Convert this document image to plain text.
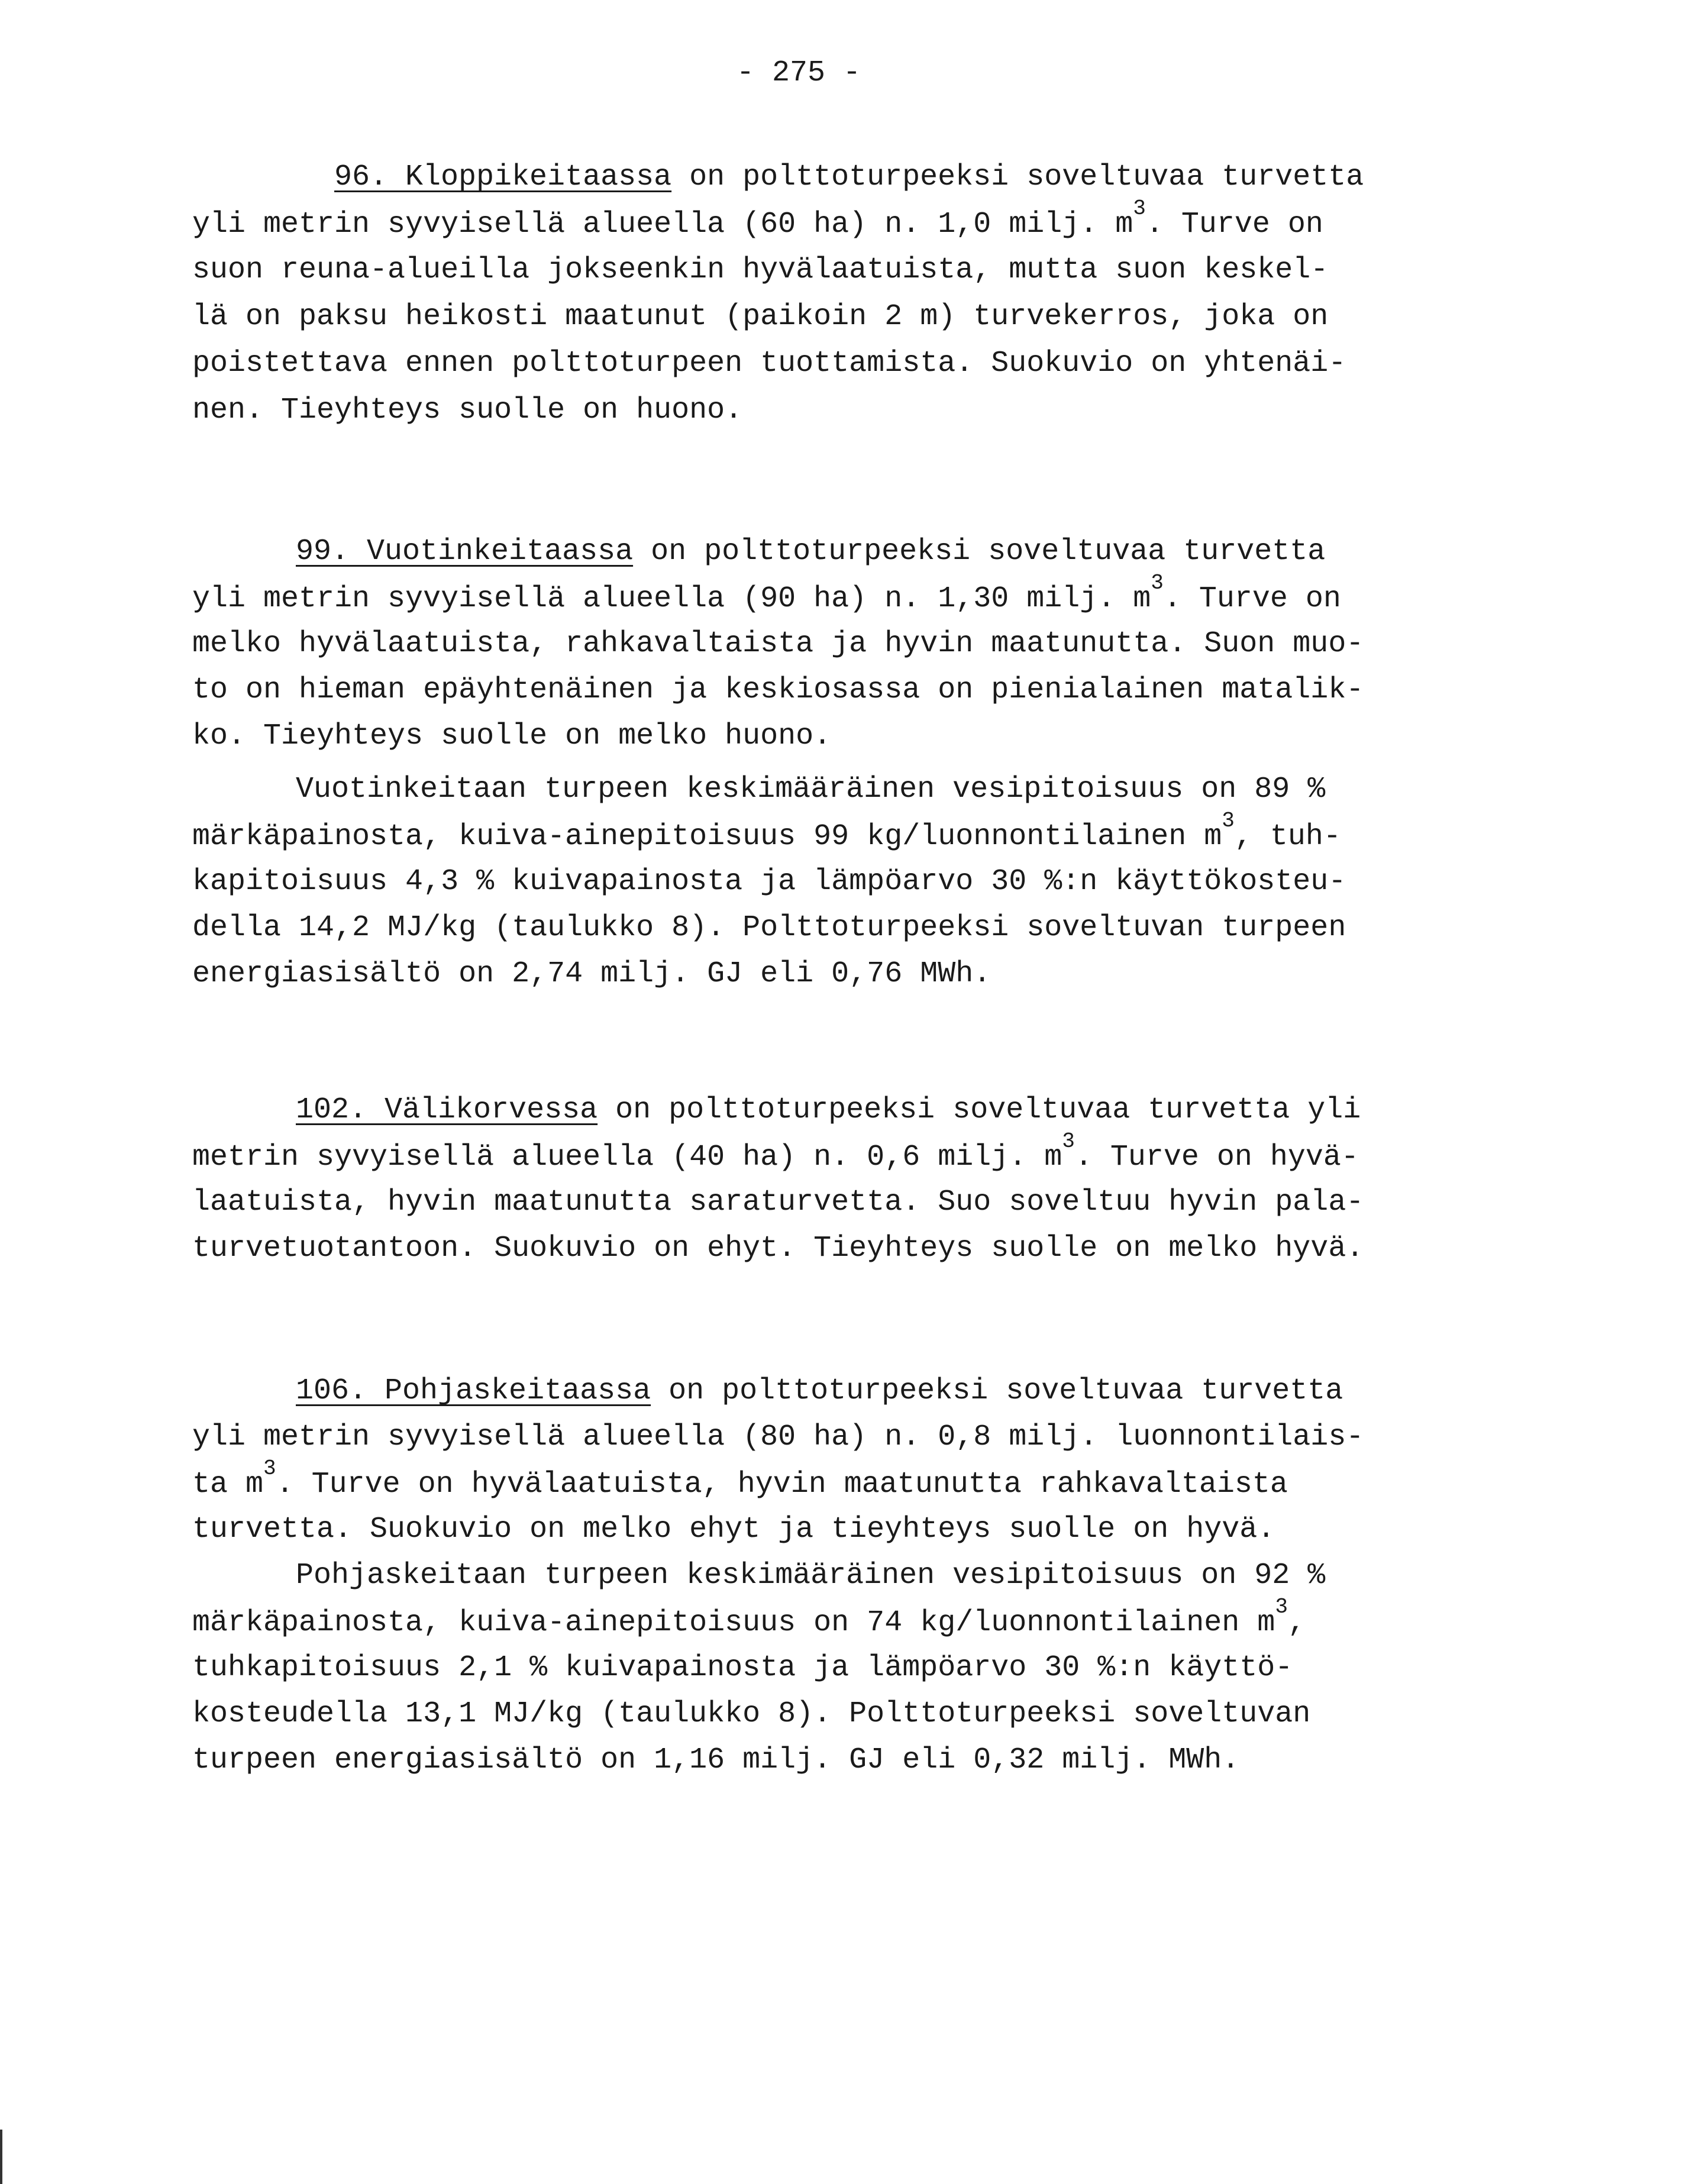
- 275 -
96. Kloppikeitaassa on polttoturpeeksi soveltuvaa turvetta
yli metrin syvyisellä alueella (60 ha) n. 1,0 milj. $m^3$. Turve on
suon reuna-alueilla jokseenkin hyvälaatuista, mutta suon keskel-
lä on paksu heikosti maatunut (paikoin 2 m) turvekerros, joka on
poistettava ennen polttoturpeen tuottamista. Suokuvio on yhtenäi-
nen. Tieyhteys suolle on huono.
99. Vuotinkeitaassa on polttoturpeeksi soveltuvaa turvetta
yli metrin syvyisellä alueella (90 ha) n. 1,30 milj. $m^3$. Turve on
melko hyvälaatuista, rahkavaltaista ja hyvin maatunutta. Suon muo-
to on hieman epäyhtenäinen ja keskiosassa on pienialainen matalik-
ko. Tieyhteys suolle on melko huono.
Vuotinkeitaan turpeen keskimääräinen vesipitoisuus on 89 %
märkäpainosta, kuiva-ainepitoisuus 99 kg/luonnontilainen $m^3$, tuh-
kapitoisuus 4,3 % kuivapainosta ja lämpöarvo 30 %:n käyttökosteu-
della 14,2 MJ/kg (taulukko 8). Polttoturpeeksi soveltuvan turpeen
energiasisältö on 2,74 milj. GJ eli 0,76 MWh.
102. Välikorvessa on polttoturpeeksi soveltuvaa turvetta yli
metrin syvyisellä alueella (40 ha) n. 0,6 milj. $m^3$. Turve on hyvä-
laatuista, hyvin maatunutta saraturvetta. Suo soveltuu hyvin pala-
turvetuotantoon. Suokuvio on ehyt. Tieyhteys suolle on melko hyvä.
106. Pohjaskeitaassa on polttoturpeeksi soveltuvaa turvetta
yli metrin syvyisellä alueella (80 ha) n. 0,8 milj. luonnontilais-
ta $m^3$. Turve on hyvälaatuista, hyvin maatunutta rahkavaltaista
turvetta. Suokuvio on melko ehyt ja tieyhteys suolle on hyvä.
Pohjaskeitaan turpeen keskimääräinen vesipitoisuus on 92 %
märkäpainosta, kuiva-ainepitoisuus on 74 kg/luonnontilainen $m^3$,
tuhkapitoisuus 2,1 % kuivapainosta ja lämpöarvo 30 %:n käyttö-
kosteudella 13,1 MJ/kg (taulukko 8). Polttoturpeeksi soveltuvan
turpeen energiasisältö on 1,16 milj. GJ eli 0,32 milj. MWh.
